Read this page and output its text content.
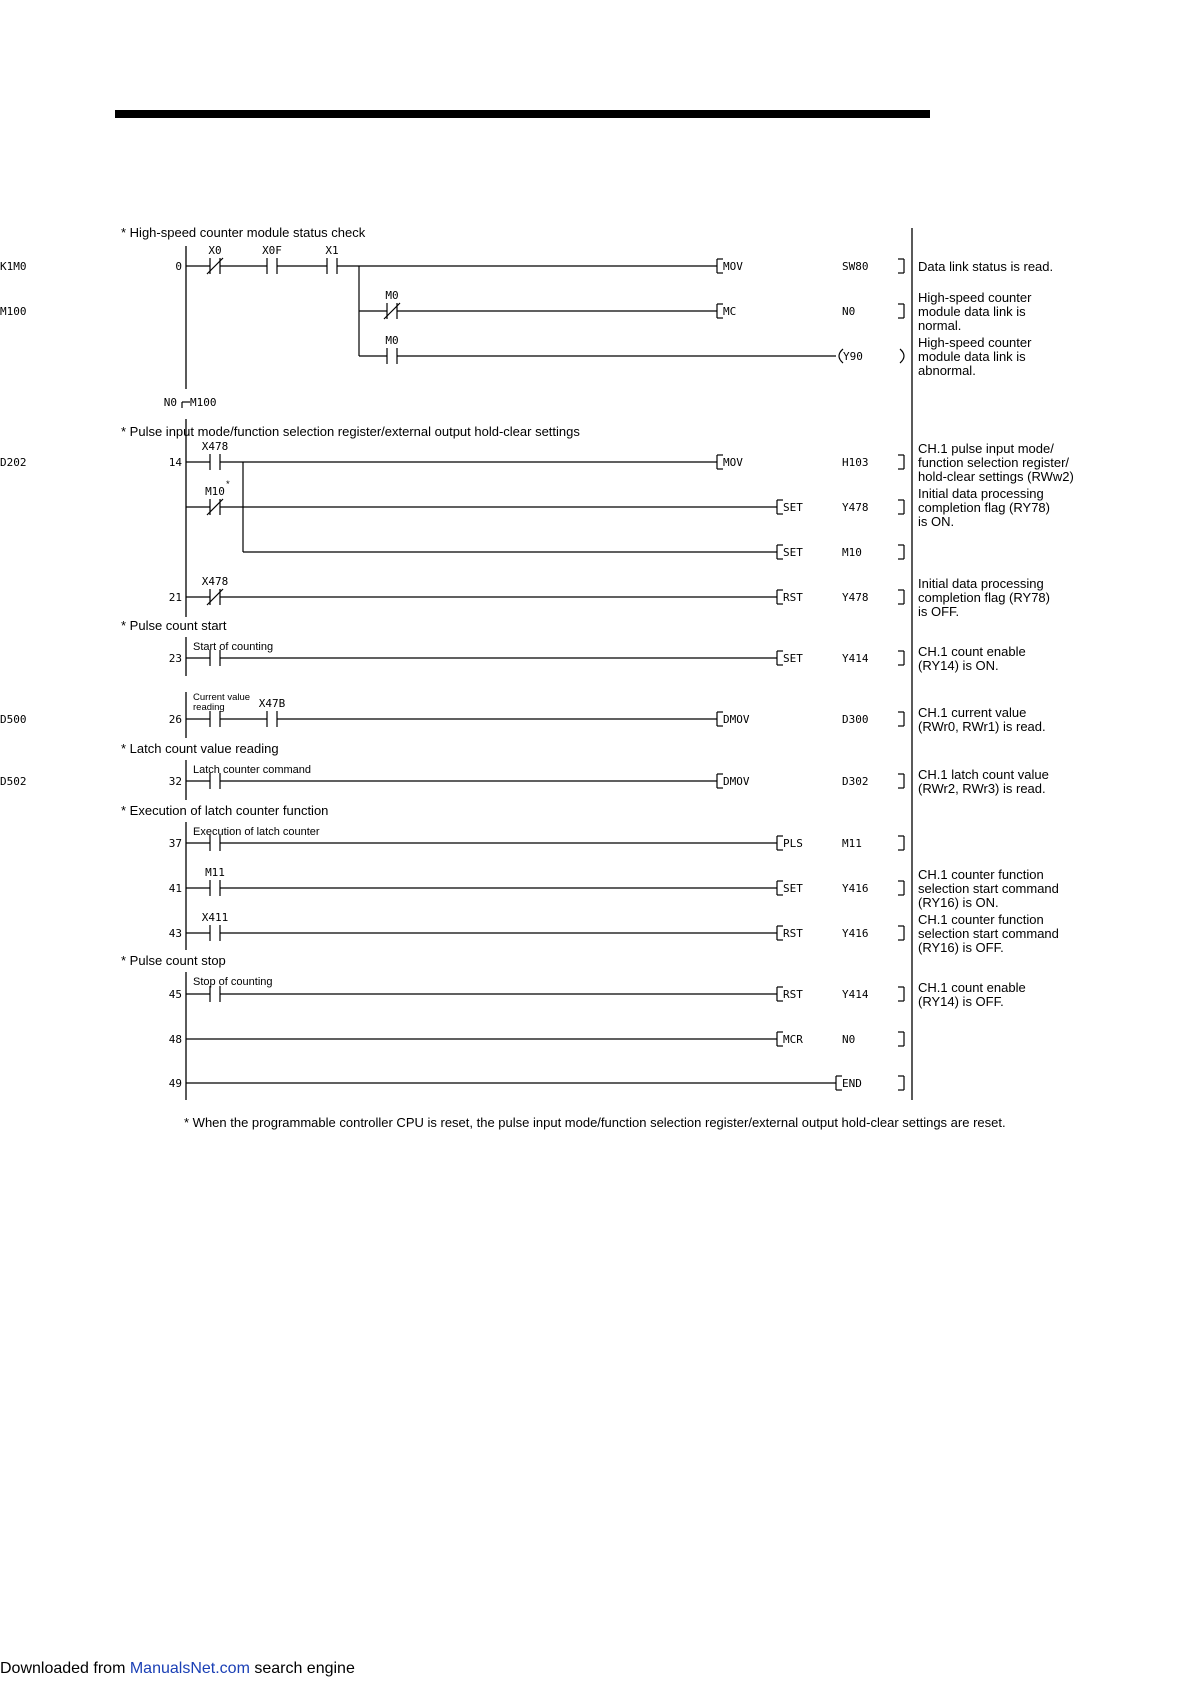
* High-speed counter module status check
* Pulse input mode/function selection register/external output hold-clear settings
* Pulse count start
* Latch count value reading
* Execution of latch counter function
* Pulse count stop
N0 M100
X0	X0F	X1
0	MOV	SW80
K1M0
M0
MC	N0
M100
M0
Y90
X478
14	MOV	H103
D202
M10
SET	Y478
SET	M10
X478
21	RST	Y478
23	SET	Y414
X47B
26	DMOV	D300
D500
32	DMOV	D302
D502
37	PLS	M11
M11
41	SET	Y416
X411
43	RST	Y416
45	RST	Y414
48	MCR	N0
49	END
Start of counting
Latch counter command
Execution of latch counter
Stop of counting
Current value
reading
*
Data link status is read.
High-speed counter
module data link is
normal.
High-speed counter
module data link is
abnormal.
CH.1 pulse input mode/
function selection register/
hold-clear settings (RWw2)
Initial data processing
completion flag (RY78)
is ON.
Initial data processing
completion flag (RY78)
is OFF.
CH.1 count enable
(RY14) is ON.
CH.1 current value
(RWr0, RWr1) is read.
CH.1 latch count value
(RWr2, RWr3) is read.
CH.1 counter function
selection start command
(RY16) is ON.
CH.1 counter function
selection start command
(RY16) is OFF.
CH.1 count enable
(RY14) is OFF.
* When the programmable controller CPU is reset, the pulse input mode/function selection register/external output hold-clear settings are reset.
Downloaded from ManualsNet.com search engine
